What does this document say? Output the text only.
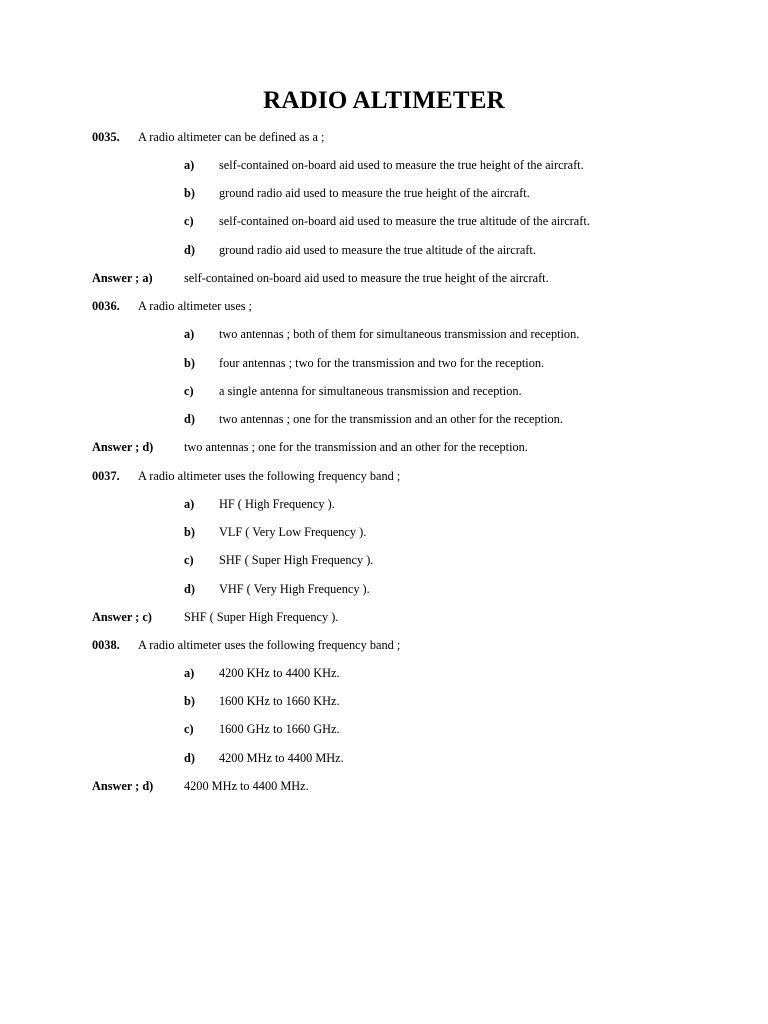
RADIO ALTIMETER
0035. A radio altimeter can be defined as a ;
a) self-contained on-board aid used to measure the true height of the aircraft.
b) ground radio aid used to measure the true height of the aircraft.
c) self-contained on-board aid used to measure the true altitude of the aircraft.
d) ground radio aid used to measure the true altitude of the aircraft.
Answer ; a)	self-contained on-board aid used to measure the true height of the aircraft.
0036. A radio altimeter uses ;
a) two antennas ; both of them for simultaneous transmission and reception.
b) four antennas ; two for the transmission and two for the reception.
c) a single antenna for simultaneous transmission and reception.
d) two antennas ; one for the transmission and an other for the reception.
Answer ; d) two antennas ; one for the transmission and an other for the reception.
0037. A radio altimeter uses the following frequency band ;
a) HF ( High Frequency ).
b) VLF ( Very Low Frequency ).
c) SHF ( Super High Frequency ).
d) VHF ( Very High Frequency ).
Answer ; c)	SHF ( Super High Frequency ).
0038. A radio altimeter uses the following frequency band ;
a) 4200 KHz to 4400 KHz.
b) 1600 KHz to 1660 KHz.
c) 1600 GHz to 1660 GHz.
d) 4200 MHz to 4400 MHz.
Answer ; d) 4200 MHz to 4400 MHz.
